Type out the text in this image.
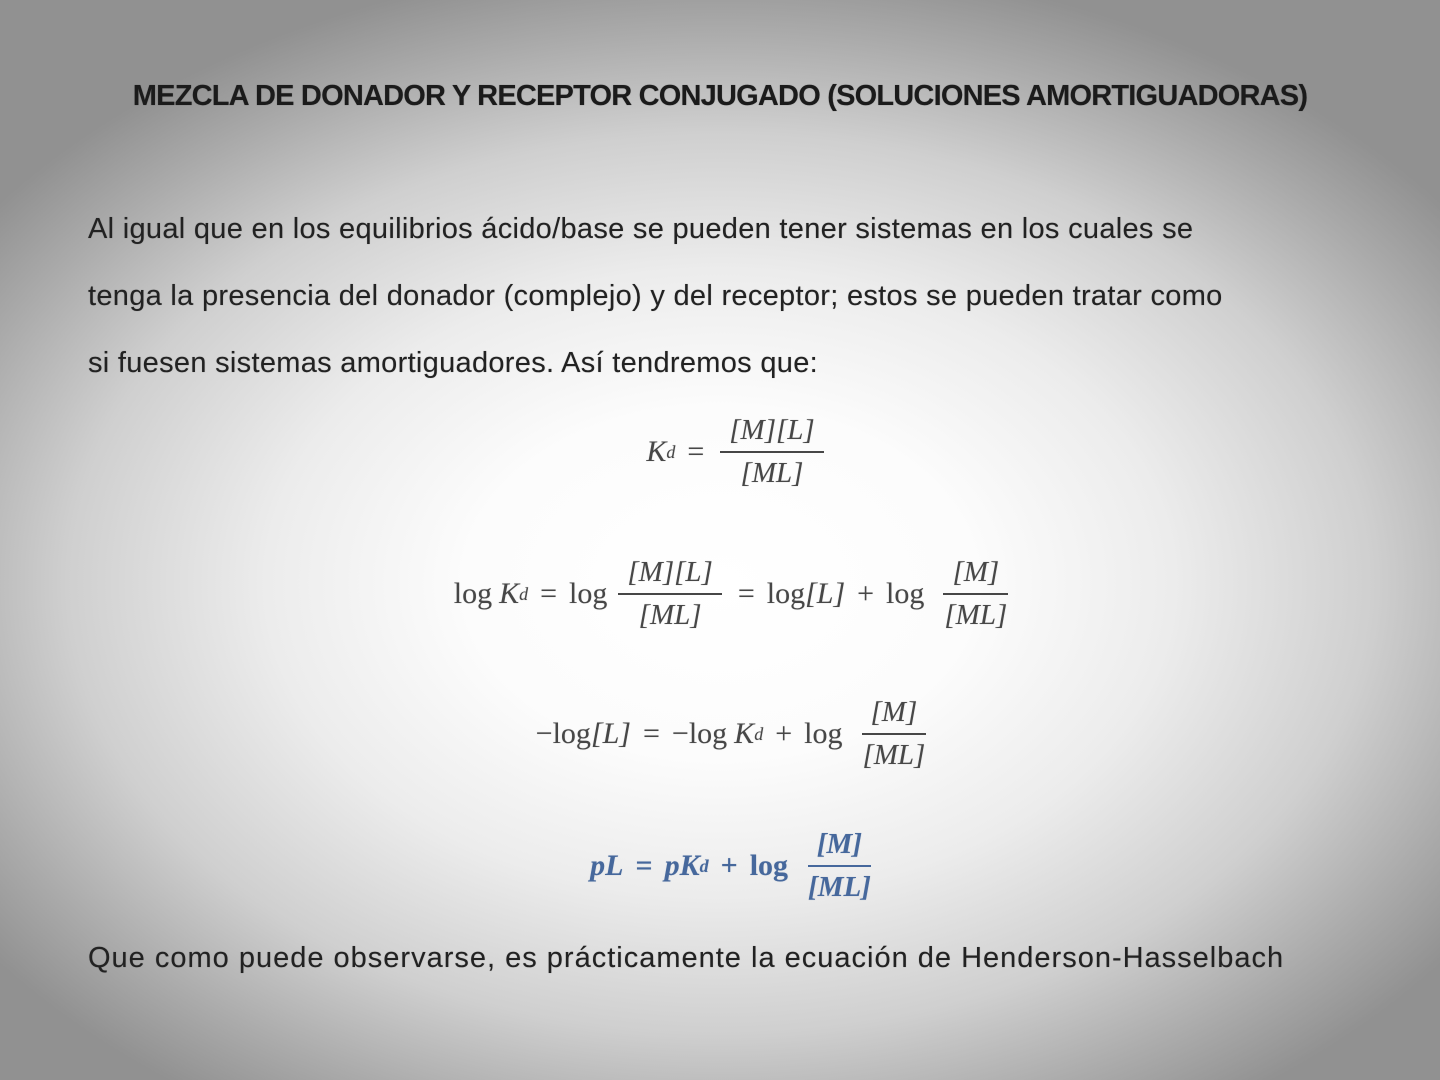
MEZCLA DE DONADOR Y RECEPTOR CONJUGADO (SOLUCIONES AMORTIGUADORAS)
Al igual que en los equilibrios ácido/base se pueden tener sistemas en los cuales se
tenga la presencia del donador (complejo) y del receptor; estos se pueden tratar como
si fuesen sistemas amortiguadores. Así tendremos que:
K $d = \frac{[M][L]}{[ML]}$
log K $d = \log \frac{[M][L]}{[ML]} = \log [L] + \log \frac{[M]}{[ML]}$
− log [L] = − log K $d + \log \frac{[M]}{[ML]}$
pL = pK $d + \log \frac{[M]}{[ML]}$
Que como puede observarse, es prácticamente la ecuación de Henderson-Hasselbach
